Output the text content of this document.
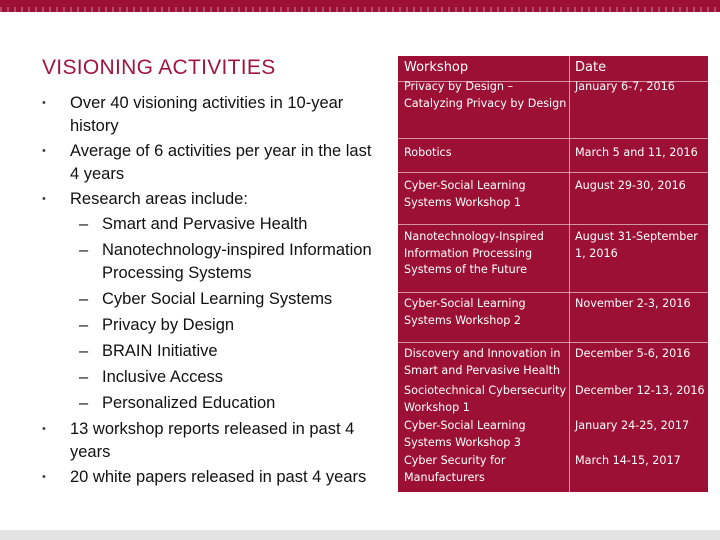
VISIONING ACTIVITIES
• Over 40 visioning activities in 10-year history
• Average of 6 activities per year in the last 4 years
• Research areas include:
– Smart and Pervasive Health
– Nanotechnology-inspired Information Processing Systems
– Cyber Social Learning Systems
– Privacy by Design
– BRAIN Initiative
– Inclusive Access
– Personalized Education
• 13 workshop reports released in past 4 years
• 20 white papers released in past 4 years
Workshop	Date
Privacy by Design – Catalyzing Privacy by Design
January 6-7, 2016
Robotics	March 5 and 11, 2016
Cyber-Social Learning Systems Workshop 1
August 29-30, 2016
Nanotechnology-Inspired Information Processing Systems of the Future
August 31-September 1, 2016
Cyber-Social Learning Systems Workshop 2
November 2-3, 2016
Discovery and Innovation in Smart and Pervasive Health
December 5-6, 2016
Sociotechnical Cybersecurity Workshop 1
December 12-13, 2016
Cyber-Social Learning Systems Workshop 3
January 24-25, 2017
Cyber Security for Manufacturers
March 14-15, 2017
